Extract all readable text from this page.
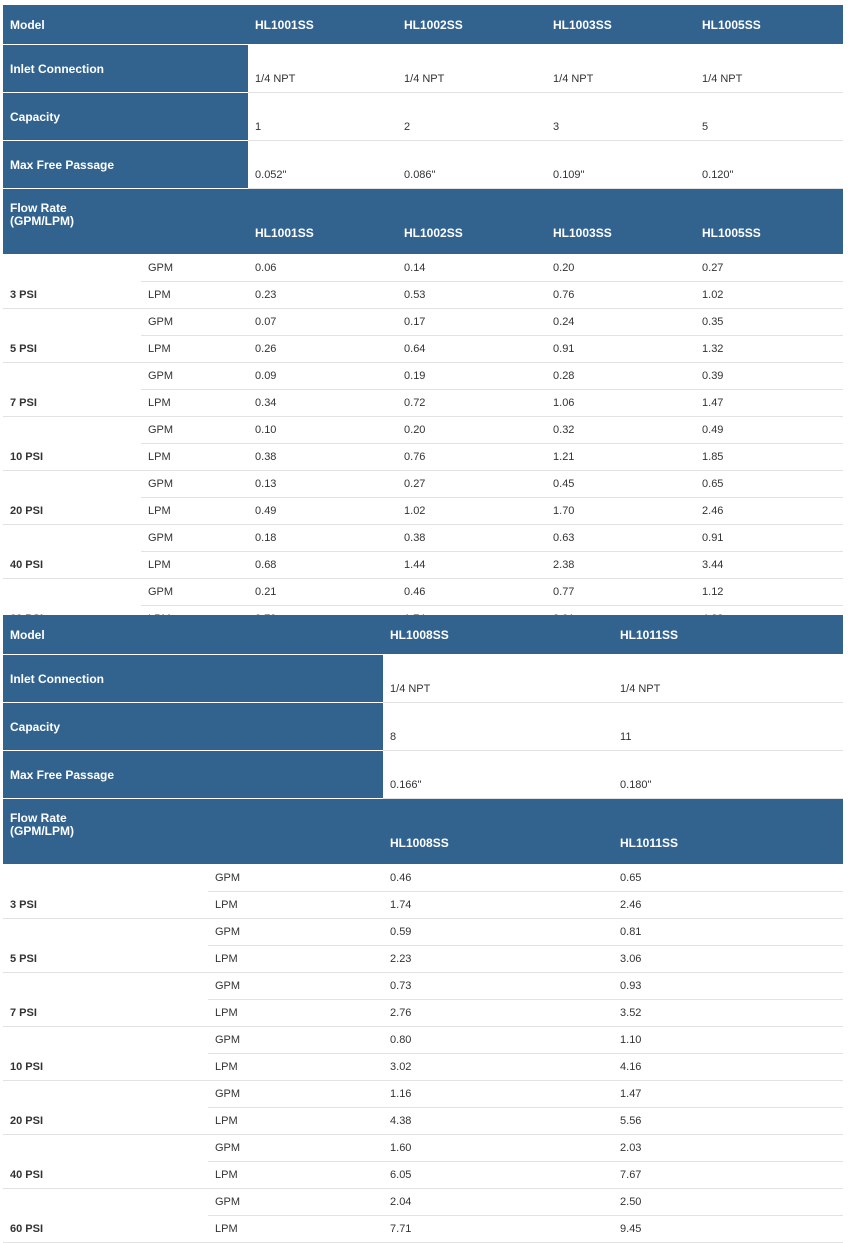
Model		HL1001SS	HL1002SS	HL1003SS	HL1005SS
Inlet Connection		1/4 NPT	1/4 NPT	1/4 NPT	1/4 NPT
Capacity		1	2	3	5
Max Free Passage		0.052"	0.086"	0.109"	0.120"
Flow Rate
(GPM/LPM)		HL1001SS	HL1002SS	HL1003SS	HL1005SS
	GPM	0.06	0.14	0.20	0.27
3 PSI	LPM	0.23	0.53	0.76	1.02
	GPM	0.07	0.17	0.24	0.35
5 PSI	LPM	0.26	0.64	0.91	1.32
	GPM	0.09	0.19	0.28	0.39
7 PSI	LPM	0.34	0.72	1.06	1.47
	GPM	0.10	0.20	0.32	0.49
10 PSI	LPM	0.38	0.76	1.21	1.85
	GPM	0.13	0.27	0.45	0.65
20 PSI	LPM	0.49	1.02	1.70	2.46
	GPM	0.18	0.38	0.63	0.91
40 PSI	LPM	0.68	1.44	2.38	3.44
	GPM	0.21	0.46	0.77	1.12

Model		HL1008SS	HL1011SS
Inlet Connection		1/4 NPT	1/4 NPT
Capacity		8	11
Max Free Passage		0.166"	0.180"
Flow Rate
(GPM/LPM)		HL1008SS	HL1011SS
	GPM	0.46	0.65
3 PSI	LPM	1.74	2.46
	GPM	0.59	0.81
5 PSI	LPM	2.23	3.06
	GPM	0.73	0.93
7 PSI	LPM	2.76	3.52
	GPM	0.80	1.10
10 PSI	LPM	3.02	4.16
	GPM	1.16	1.47
20 PSI	LPM	4.38	5.56
	GPM	1.60	2.03
40 PSI	LPM	6.05	7.67
	GPM	2.04	2.50
60 PSI	LPM	7.71	9.45
